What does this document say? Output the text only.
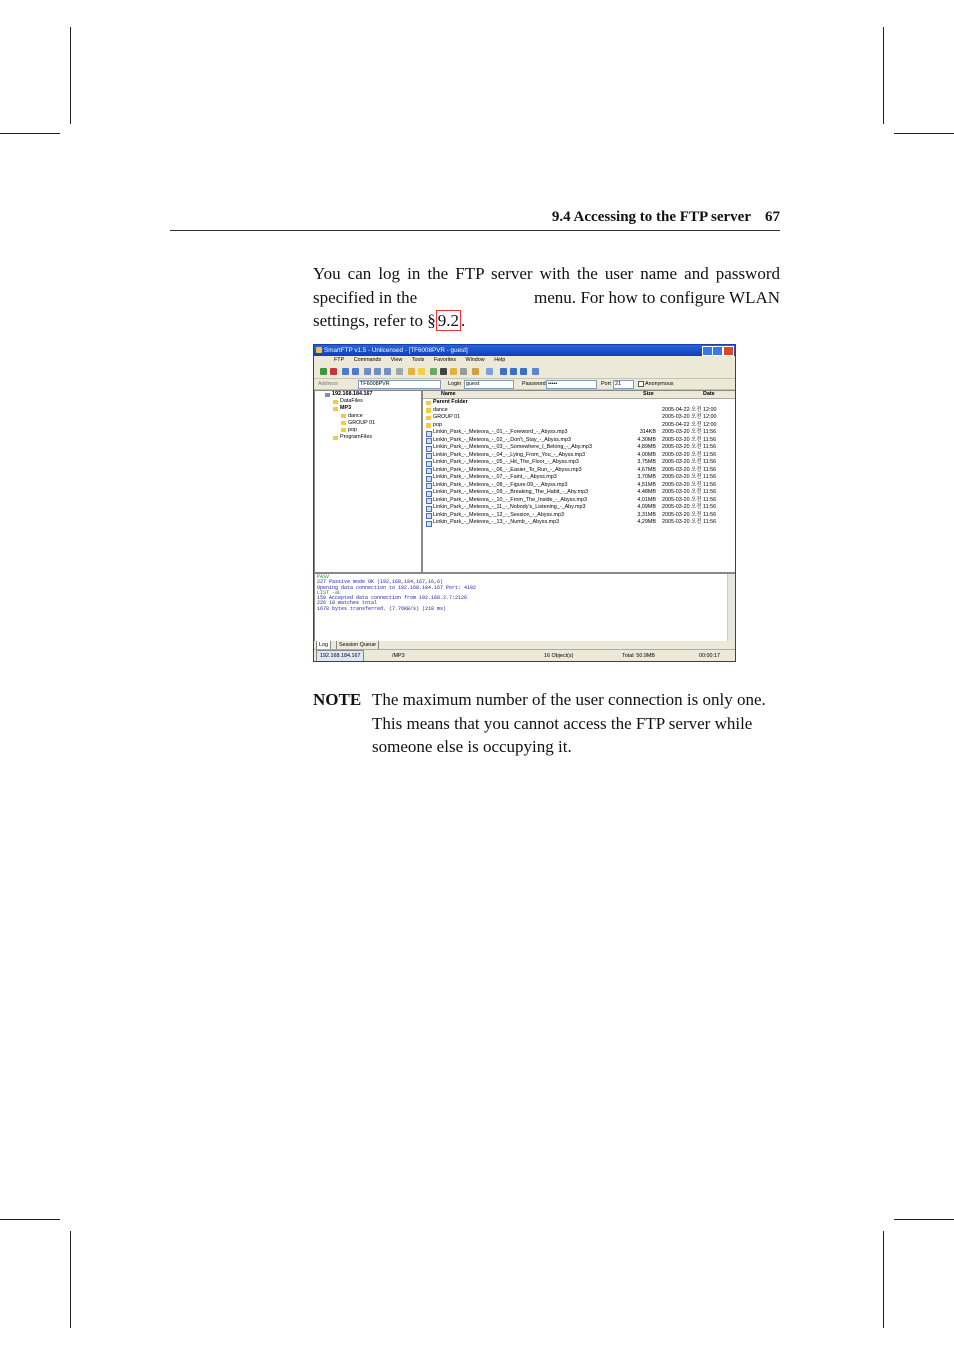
9.4 Accessing to the FTP server 67
You can log in the FTP server with the user name and password specified in the	menu. For how to configure WLAN settings, refer to § 9.2 .
SmartFTP v1.5 - Unlicensed - [TF6008PVR - guest]
FTP Commands View Tools Favorites Window Help
Address	TF6008PVR	Login guest	Password •••••	Port 21	Anonymous
192.168.184.167
DataFiles
MP3
dance
GROUP 01
pop
ProgramFiles
Name	Size	Date
Parent Folder
dance	2005-04-22 오전 12:00
GROUP 01	2005-03-20 오전 12:00
pop	2005-04-22 오전 12:00
Linkin_Park_-_Meteora_-_01_-_Foreword_-_Abyss.mp3	314KB 2005-03-20 오전 11:56
Linkin_Park_-_Meteora_-_02_-_Don't_Stay_-_Abyss.mp3	4,30MB 2005-03-20 오전 11:56
Linkin_Park_-_Meteora_-_03_-_Somewhere_I_Belong_-_Aby.mp3	4,89MB 2005-03-20 오전 11:56
Linkin_Park_-_Meteora_-_04_-_Lying_From_You_-_Abyss.mp3	4,00MB 2005-03-20 오전 11:56
Linkin_Park_-_Meteora_-_05_-_Hit_The_Floor_-_Abyss.mp3	3,75MB 2005-03-20 오전 11:56
Linkin_Park_-_Meteora_-_06_-_Easier_To_Run_-_Abyss.mp3	4,67MB 2005-03-20 오전 11:56
Linkin_Park_-_Meteora_-_07_-_Faint_-_Abyss.mp3	3,70MB 2005-03-20 오전 11:56
Linkin_Park_-_Meteora_-_08_-_Figure.09_-_Abyss.mp3	4,51MB 2005-03-20 오전 11:56
Linkin_Park_-_Meteora_-_09_-_Breaking_The_Habit_-_Aby.mp3	4,48MB 2005-03-20 오전 11:56
Linkin_Park_-_Meteora_-_10_-_From_The_Inside_-_Abyss.mp3	4,01MB 2005-03-20 오전 11:56
Linkin_Park_-_Meteora_-_11_-_Nobody's_Listening_-_Aby.mp3	4,09MB 2005-03-20 오전 11:56
Linkin_Park_-_Meteora_-_12_-_Session_-_Abyss.mp3	3,31MB 2005-03-20 오전 11:56
Linkin_Park_-_Meteora_-_13_-_Numb_-_Abyss.mp3	4,29MB 2005-03-20 오전 11:56
PASV
227 Passive mode OK (192,168,184,167,16,6)
Opening data connection to 192.168.184.167 Port: 4102
LIST -aL
150 Accepted data connection from 192.168.2.7:2126
226 18 matches total
1678 bytes transferred. (7.76KB/s) (210 ms)
Log	Session Queue
192.168.184.167	/MP3	16 Object(s)	Total: 50.9MB	00:00:17
NOTE The maximum number of the user connection is only one. This means that you cannot access the FTP server while someone else is occupying it.
